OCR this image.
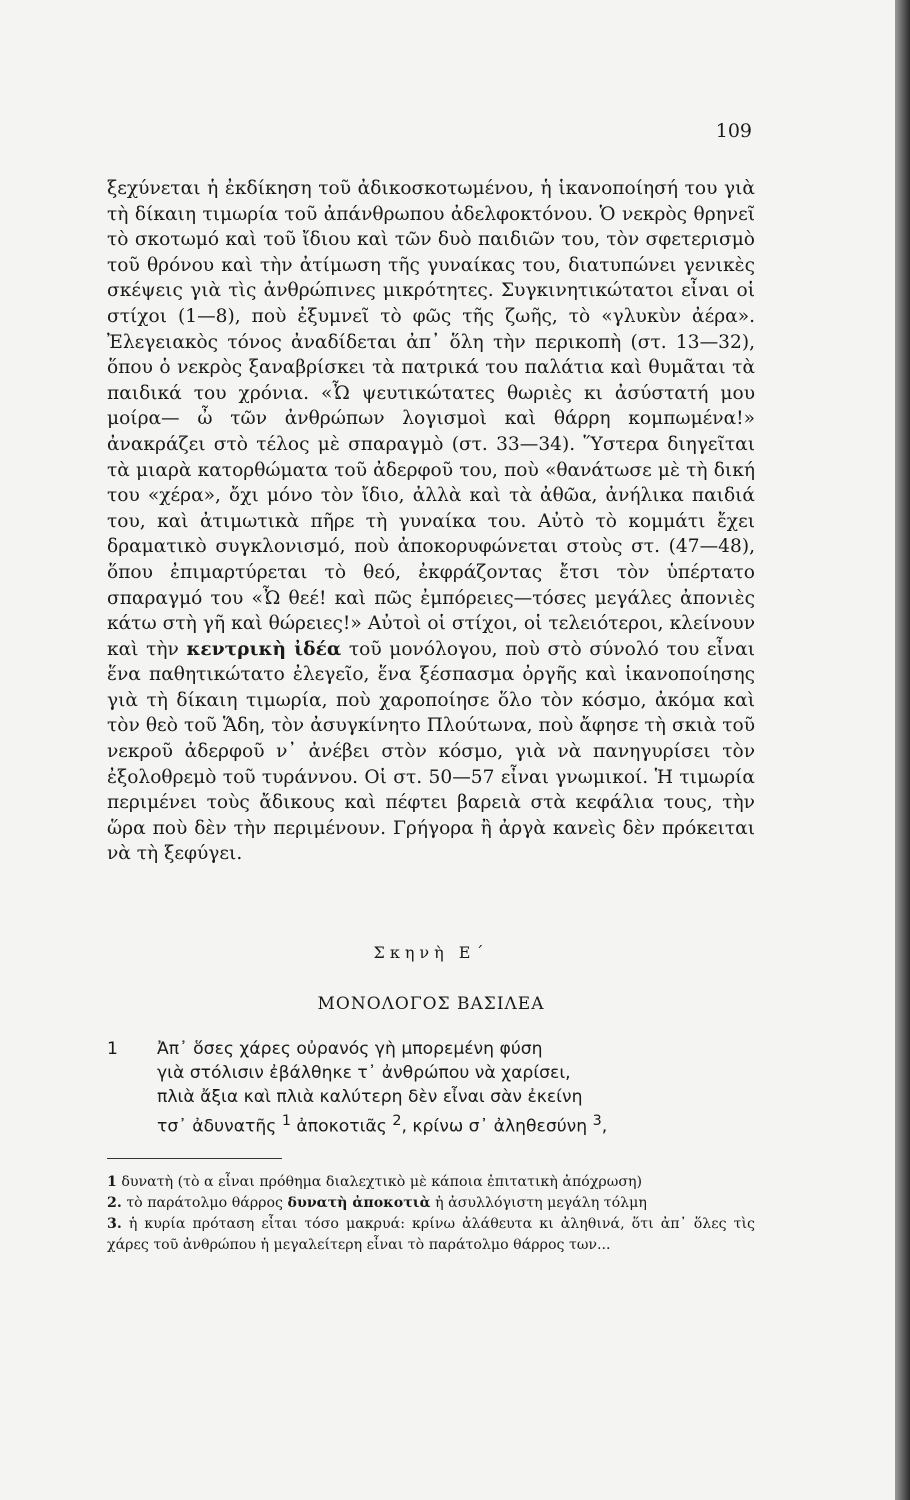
109

ξεχύνεται ἡ ἐκδίκηση τοῦ ἀδικοσκοτωμένου, ἡ ἱκανοποίησή του γιὰ τὴ δίκαιη τιμωρία τοῦ ἀπάνθρωπου ἀδελφοκτόνου. Ὁ νεκρὸς θρηνεῖ τὸ σκοτωμό καὶ τοῦ ἴδιου καὶ τῶν δυὸ παιδιῶν του, τὸν σφετερισμὸ τοῦ θρόνου καὶ τὴν ἀτίμωση τῆς γυναίκας του, διατυπώνει γενικὲς σκέψεις γιὰ τὶς ἀνθρώπινες μικρότητες. Συγκινητικώτατοι εἶναι οἱ στίχοι (1—8), ποὺ ἐξυμνεῖ τὸ φῶς τῆς ζωῆς, τὸ «γλυκὺν ἀέρα». Ἐλεγειακὸς τόνος ἀναδίδεται ἀπ᾽ ὅλη τὴν περικοπὴ (στ. 13—32), ὅπου ὁ νεκρὸς ξαναβρίσκει τὰ πατρικά του παλάτια καὶ θυμᾶται τὰ παιδικά του χρόνια. «Ὦ ψευτικώτατες θωριὲς κι ἀσύστατή μου μοίρα— ὦ τῶν ἀνθρώπων λογισμοὶ καὶ θάρρη κομπωμένα!» ἀνακράζει στὸ τέλος μὲ σπαραγμὸ (στ. 33—34). Ὕστερα διηγεῖται τὰ μιαρὰ κατορθώματα τοῦ ἀδερφοῦ του, ποὺ «θανάτωσε μὲ τὴ δική του «χέρα», ὄχι μόνο τὸν ἴδιο, ἀλλὰ καὶ τὰ ἀθῶα, ἀνήλικα παιδιά του, καὶ ἀτιμωτικὰ πῆρε τὴ γυναίκα του. Αὐτὸ τὸ κομμάτι ἔχει δραματικὸ συγκλονισμό, ποὺ ἀποκορυφώνεται στοὺς στ. (47—48), ὅπου ἐπιμαρτύρεται τὸ θεό, ἐκφράζοντας ἔτσι τὸν ὑπέρτατο σπαραγμό του «Ὦ θεέ! καὶ πῶς ἐμπόρειες—τόσες μεγάλες ἀπονιὲς κάτω στὴ γῆ καὶ θώρειες!» Αὐτοὶ οἱ στίχοι, οἱ τελειότεροι, κλείνουν καὶ τὴν κεντρικὴ ἰδέα τοῦ μονόλογου, ποὺ στὸ σύνολό του εἶναι ἕνα παθητικώτατο ἐλεγεῖο, ἕνα ξέσπασμα ὀργῆς καὶ ἱκανοποίησης γιὰ τὴ δίκαιη τιμωρία, ποὺ χαροποίησε ὅλο τὸν κόσμο, ἀκόμα καὶ τὸν θεὸ τοῦ Ἅδη, τὸν ἀσυγκίνητο Πλούτωνα, ποὺ ἄφησε τὴ σκιὰ τοῦ νεκροῦ ἀδερφοῦ ν᾽ ἀνέβει στὸν κόσμο, γιὰ νὰ πανηγυρίσει τὸν ἐξολοθρεμὸ τοῦ τυράννου. Οἱ στ. 50—57 εἶναι γνωμικοί. Ἡ τιμωρία περιμένει τοὺς ἄδικους καὶ πέφτει βαρειὰ στὰ κεφάλια τους, τὴν ὥρα ποὺ δὲν τὴν περιμένουν. Γρήγορα ἢ ἀργὰ κανεὶς δὲν πρόκειται νὰ τὴ ξεφύγει.

Σκηνὴ Ε΄
ΜΟΝΟΛΟΓΟΣ ΒΑΣΙΛΕΑ
1 Ἀπ᾽ ὅσες χάρες οὐρανός γὴ μπορεμένη φύση
γιὰ στόλισιν ἐβάλθηκε τ᾽ ἀνθρώπου νὰ χαρίσει,
πλιὰ ἄξια καὶ πλιὰ καλύτερη δὲν εἶναι σὰν ἐκείνη
τσ᾽ ἀδυνατῆς $^1$ ἀποκοτιᾶς $^2$, κρίνω σ᾽ ἀληθεσύνη $^3$,

1 δυνατὴ (τὸ α εἶναι πρόθημα διαλεχτικὸ μὲ κάποια ἐπιτατικὴ ἀπόχρωση)

2. τὸ παράτολμο θάρρος δυνατὴ ἀποκοτιὰ ἡ ἀσυλλόγιστη μεγάλη τόλμη

3. ἡ κυρία πρόταση εἶται τόσο μακρυά: κρίνω ἀλάθευτα κι ἀληθινά, ὅτι ἀπ᾽ ὅλες τὶς χάρες τοῦ ἀνθρώπου ἡ μεγαλείτερη εἶναι τὸ παράτολμο θάρρος των...
